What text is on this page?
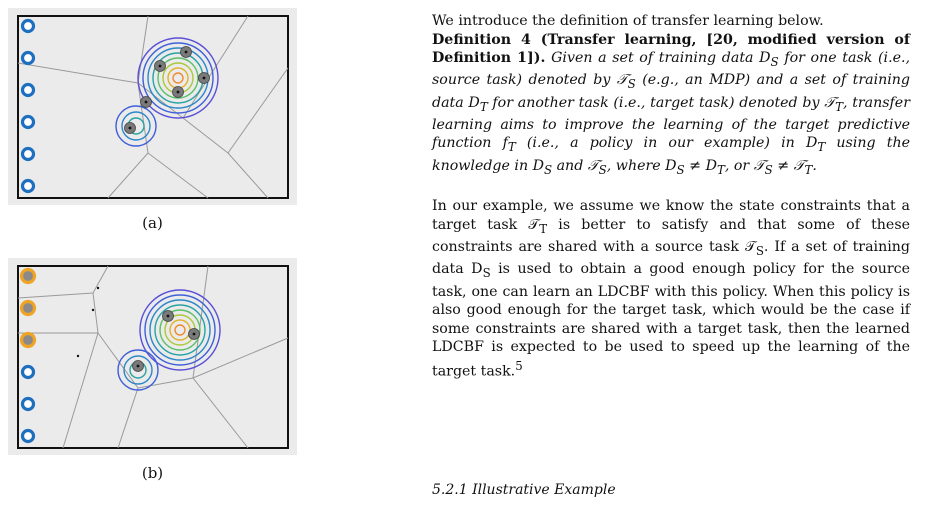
(a)
(b)

We introduce the definition of transfer learning below.
Definition 4 (Transfer learning, [20, modified version of Definition 1]). Given a set of training data $D_S$ for one task (i.e., source task) denoted by 𝒯$_S$ (e.g., an MDP) and a set of training data $D_T$ for another task (i.e., target task) denoted by 𝒯$_T$, transfer learning aims to improve the learning of the target predictive function $f_T$ (i.e., a policy in our example) in $D_T$ using the knowledge in $D_S$ and 𝒯$_S$, where $D_S \ne D_T$, or 𝒯$_S$ ≠ 𝒯$_T$.

In our example, we assume we know the state constraints that a target task 𝒯$_T$ is better to satisfy and that some of these constraints are shared with a source task 𝒯$_S$. If a set of training data $D_S$ is used to obtain a good enough policy for the source task, one can learn an LDCBF with this policy. When this policy is also good enough for the target task, which would be the case if some constraints are shared with a target task, then the learned LDCBF is expected to be used to speed up the learning of the target task.$^5$

5.2.1 Illustrative Example
